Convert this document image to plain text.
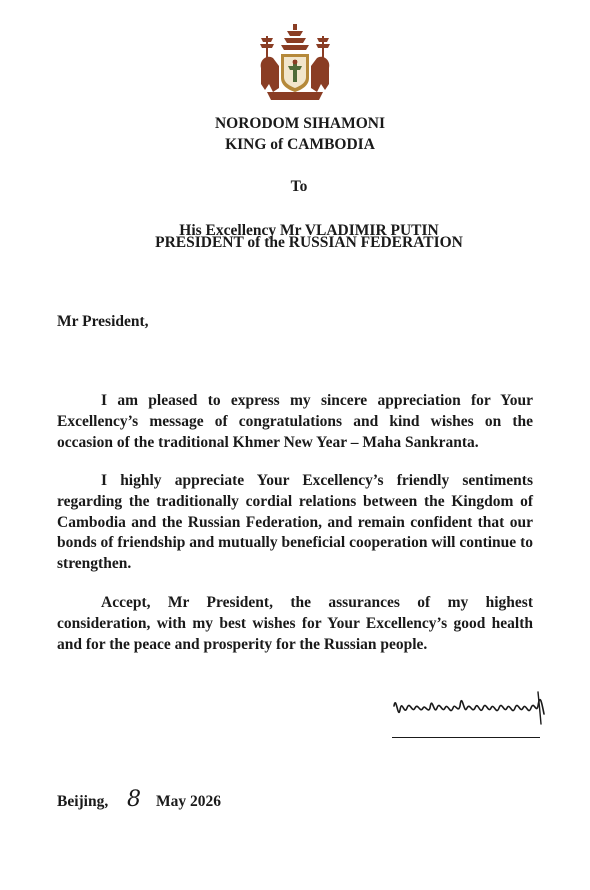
NORODOM SIHAMONI
KING of CAMBODIA
To
His Excellency Mr VLADIMIR PUTIN
PRESIDENT of the RUSSIAN FEDERATION
Mr President,

I am pleased to express my sincere appreciation for Your Excellency’s message of congratulations and kind wishes on the occasion of the traditional Khmer New Year – Maha Sankranta.

I highly appreciate Your Excellency’s friendly sentiments regarding the traditionally cordial relations between the Kingdom of Cambodia and the Russian Federation, and remain confident that our bonds of friendship and mutually beneficial cooperation will continue to strengthen.

Accept, Mr President, the assurances of my highest consideration, with my best wishes for Your Excellency’s good health and for the peace and prosperity for the Russian people.

Beijing, 8 May 2026
